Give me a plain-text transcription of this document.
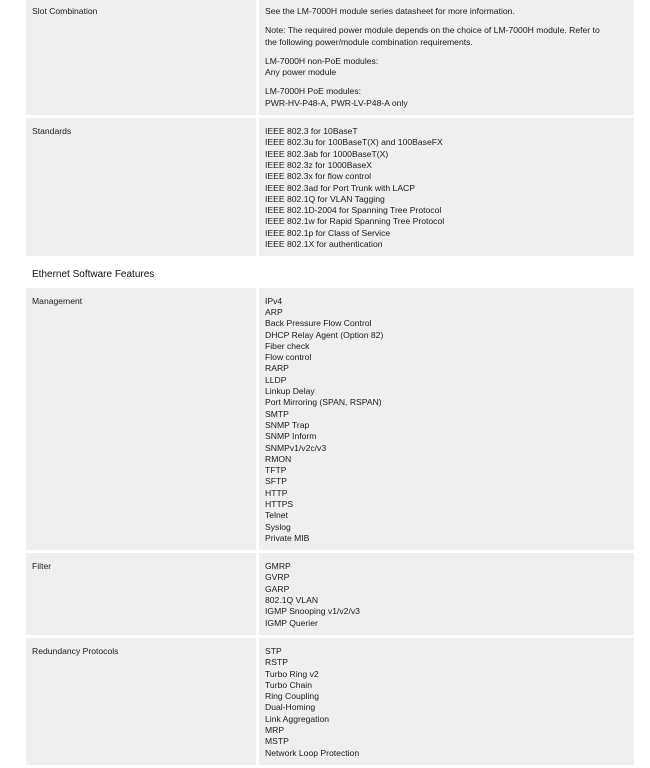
Slot Combination	See the LM-7000H module series datasheet for more information.
Note: The required power module depends on the choice of LM-7000H module. Refer to
the following power/module combination requirements.
LM-7000H non-PoE modules:
Any power module
LM-7000H PoE modules:
PWR-HV-P48-A, PWR-LV-P48-A only
Standards	IEEE 802.3 for 10BaseT
IEEE 802.3u for 100BaseT(X) and 100BaseFX
IEEE 802.3ab for 1000BaseT(X)
IEEE 802.3z for 1000BaseX
IEEE 802.3x for flow control
IEEE 802.3ad for Port Trunk with LACP
IEEE 802.1Q for VLAN Tagging
IEEE 802.1D-2004 for Spanning Tree Protocol
IEEE 802.1w for Rapid Spanning Tree Protocol
IEEE 802.1p for Class of Service
IEEE 802.1X for authentication
Ethernet Software Features
Management	IPv4
ARP
Back Pressure Flow Control
DHCP Relay Agent (Option 82)
Fiber check
Flow control
RARP
LLDP
Linkup Delay
Port Mirroring (SPAN, RSPAN)
SMTP
SNMP Trap
SNMP Inform
SNMPv1/v2c/v3
RMON
TFTP
SFTP
HTTP
HTTPS
Telnet
Syslog
Private MIB
Filter	GMRP
GVRP
GARP
802.1Q VLAN
IGMP Snooping v1/v2/v3
IGMP Querier
Redundancy Protocols	STP
RSTP
Turbo Ring v2
Turbo Chain
Ring Coupling
Dual-Homing
Link Aggregation
MRP
MSTP
Network Loop Protection
